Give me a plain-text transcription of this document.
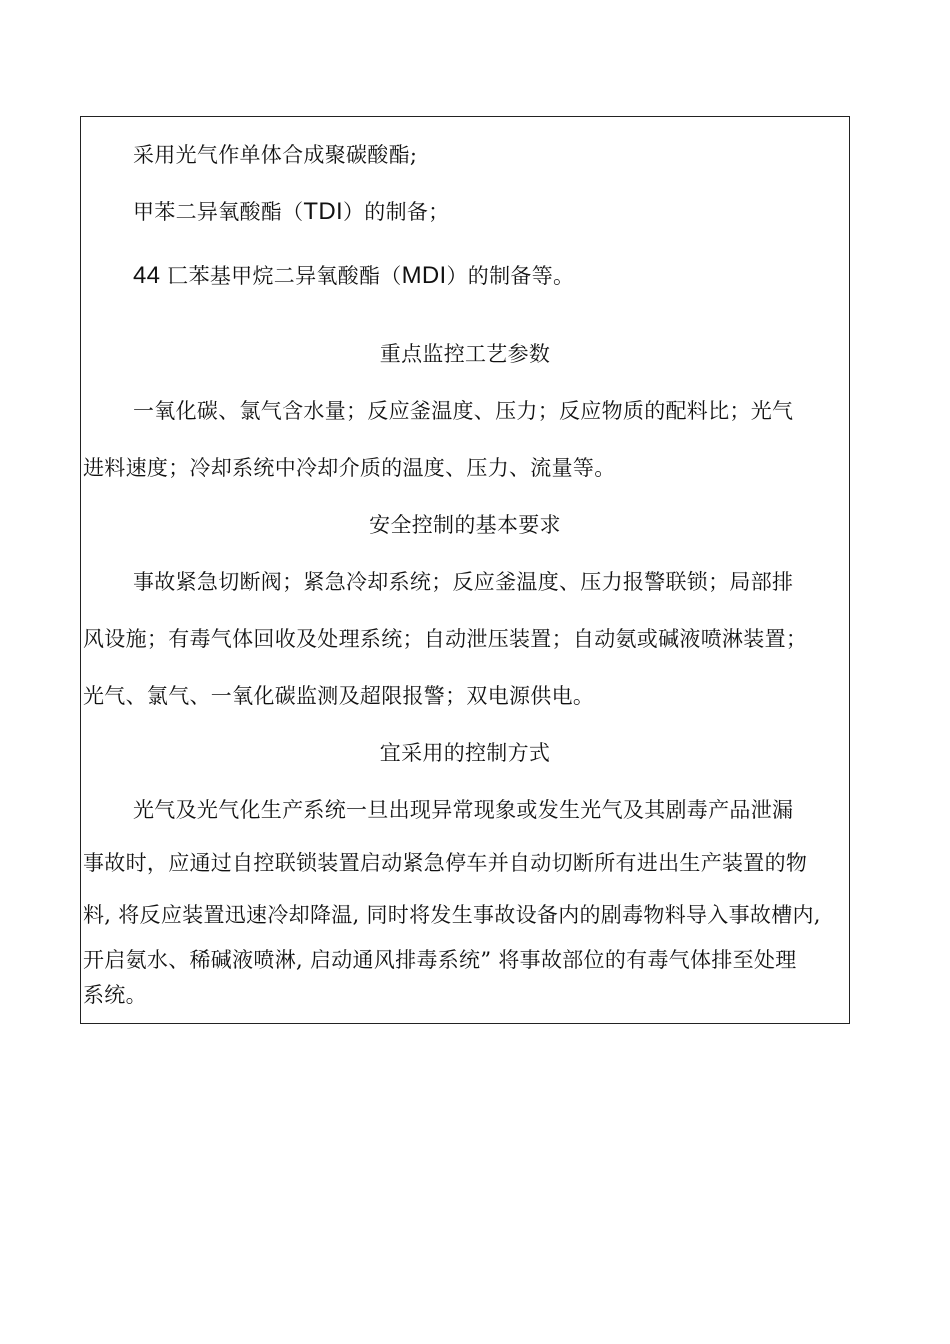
采用光气作单体合成聚碳酸酯;
甲苯二异氧酸酯（TDI）的制备；
44 匸苯基甲烷二异氧酸酯（MDI）的制备等。
重点监控工艺参数
一氧化碳、氯气含水量；反应釜温度、压力；反应物质的配料比；光气
进料速度；冷却系统中冷却介质的温度、压力、流量等。
安全控制的基本要求
事故紧急切断阀；紧急冷却系统；反应釜温度、压力报警联锁；局部排
风设施；有毒气体回收及处理系统；自动泄压装置；自动氨或碱液喷淋装置；
光气、氯气、一氧化碳监测及超限报警；双电源供电。
宜采用的控制方式
光气及光气化生产系统一旦出现异常现象或发生光气及其剧毒产品泄漏
事故时，应通过自控联锁装置启动紧急停车并自动切断所有进出生产装置的物
料, 将反应装置迅速冷却降温, 同时将发生事故设备内的剧毒物料导入事故槽内,
开启氨水、稀碱液喷淋, 启动通风排毒系统” 将事故部位的有毒气体排至处理
系统。
